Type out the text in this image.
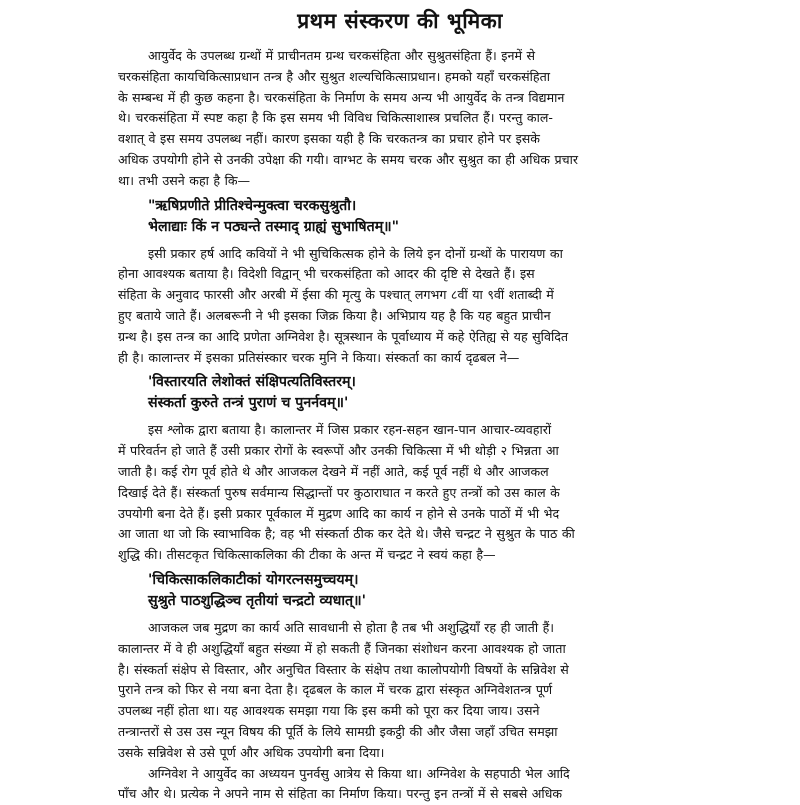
प्रथम संस्करण की भूमिका
आयुर्वेद के उपलब्ध ग्रन्थों में प्राचीनतम ग्रन्थ चरकसंहिता और सुश्रुतसंहिता हैं। इनमें से
चरकसंहिता कायचिकित्साप्रधान तन्त्र है और सुश्रुत शल्यचिकित्साप्रधान। हमको यहाँ चरकसंहिता
के सम्बन्ध में ही कुछ कहना है। चरकसंहिता के निर्माण के समय अन्य भी आयुर्वेद के तन्त्र विद्यमान
थे। चरकसंहिता में स्पष्ट कहा है कि इस समय भी विविध चिकित्साशास्त्र प्रचलित हैं। परन्तु काल-
वशात् वे इस समय उपलब्ध नहीं। कारण इसका यही है कि चरकतन्त्र का प्रचार होने पर इसके
अधिक उपयोगी होने से उनकी उपेक्षा की गयी। वाग्भट के समय चरक और सुश्रुत का ही अधिक प्रचार
था। तभी उसने कहा है कि—
"ऋषिप्रणीते प्रीतिश्चेन्मुक्त्वा चरकसुश्रुतौ।
भेलाद्याः किं न पठ्यन्ते तस्माद् ग्राह्यं सुभाषितम्॥"
इसी प्रकार हर्ष आदि कवियों ने भी सुचिकित्सक होने के लिये इन दोनों ग्रन्थों के पारायण का
होना आवश्यक बताया है। विदेशी विद्वान् भी चरकसंहिता को आदर की दृष्टि से देखते हैं। इस
संहिता के अनुवाद फारसी और अरबी में ईसा की मृत्यु के पश्चात् लगभग ८वीं या ९वीं शताब्दी में
हुए बताये जाते हैं। अलबरूनी ने भी इसका जिक्र किया है। अभिप्राय यह है कि यह बहुत प्राचीन
ग्रन्थ है। इस तन्त्र का आदि प्रणेता अग्निवेश है। सूत्रस्थान के पूर्वाध्याय में कहे ऐतिह्य से यह सुविदित
ही है। कालान्तर में इसका प्रतिसंस्कार चरक मुनि ने किया। संस्कर्ता का कार्य दृढबल ने—
'विस्तारयति लेशोक्तं संक्षिपत्यतिविस्तरम्।
संस्कर्ता कुरुते तन्त्रं पुराणं च पुनर्नवम्॥'
इस श्लोक द्वारा बताया है। कालान्तर में जिस प्रकार रहन-सहन खान-पान आचार-व्यवहारों
में परिवर्तन हो जाते हैं उसी प्रकार रोगों के स्वरूपों और उनकी चिकित्सा में भी थोड़ी २ भिन्नता आ
जाती है। कई रोग पूर्व होते थे और आजकल देखने में नहीं आते, कई पूर्व नहीं थे और आजकल
दिखाई देते हैं। संस्कर्ता पुरुष सर्वमान्य सिद्धान्तों पर कुठाराघात न करते हुए तन्त्रों को उस काल के
उपयोगी बना देते हैं। इसी प्रकार पूर्वकाल में मुद्रण आदि का कार्य न होने से उनके पाठों में भी भेद
आ जाता था जो कि स्वाभाविक है; वह भी संस्कर्ता ठीक कर देते थे। जैसे चन्द्रट ने सुश्रुत के पाठ की
शुद्धि की। तीसटकृत चिकित्साकलिका की टीका के अन्त में चन्द्रट ने स्वयं कहा है—
'चिकित्साकलिकाटीकां योगरत्नसमुच्चयम्।
सुश्रुते पाठशुद्धिञ्च तृतीयां चन्द्रटो व्यधात्॥'
आजकल जब मुद्रण का कार्य अति सावधानी से होता है तब भी अशुद्धियाँ रह ही जाती हैं।
कालान्तर में वे ही अशुद्धियाँ बहुत संख्या में हो सकती हैं जिनका संशोधन करना आवश्यक हो जाता
है। संस्कर्ता संक्षेप से विस्तार, और अनुचित विस्तार के संक्षेप तथा कालोपयोगी विषयों के सन्निवेश से
पुराने तन्त्र को फिर से नया बना देता है। दृढबल के काल में चरक द्वारा संस्कृत अग्निवेशतन्त्र पूर्ण
उपलब्ध नहीं होता था। यह आवश्यक समझा गया कि इस कमी को पूरा कर दिया जाय। उसने
तन्त्रान्तरों से उस उस न्यून विषय की पूर्ति के लिये सामग्री इकट्ठी की और जैसा जहाँ उचित समझा
उसके सन्निवेश से उसे पूर्ण और अधिक उपयोगी बना दिया।
अग्निवेश ने आयुर्वेद का अध्ययन पुनर्वसु आत्रेय से किया था। अग्निवेश के सहपाठी भेल आदि
पाँच और थे। प्रत्येक ने अपने नाम से संहिता का निर्माण किया। परन्तु इन तन्त्रों में से सबसे अधिक
